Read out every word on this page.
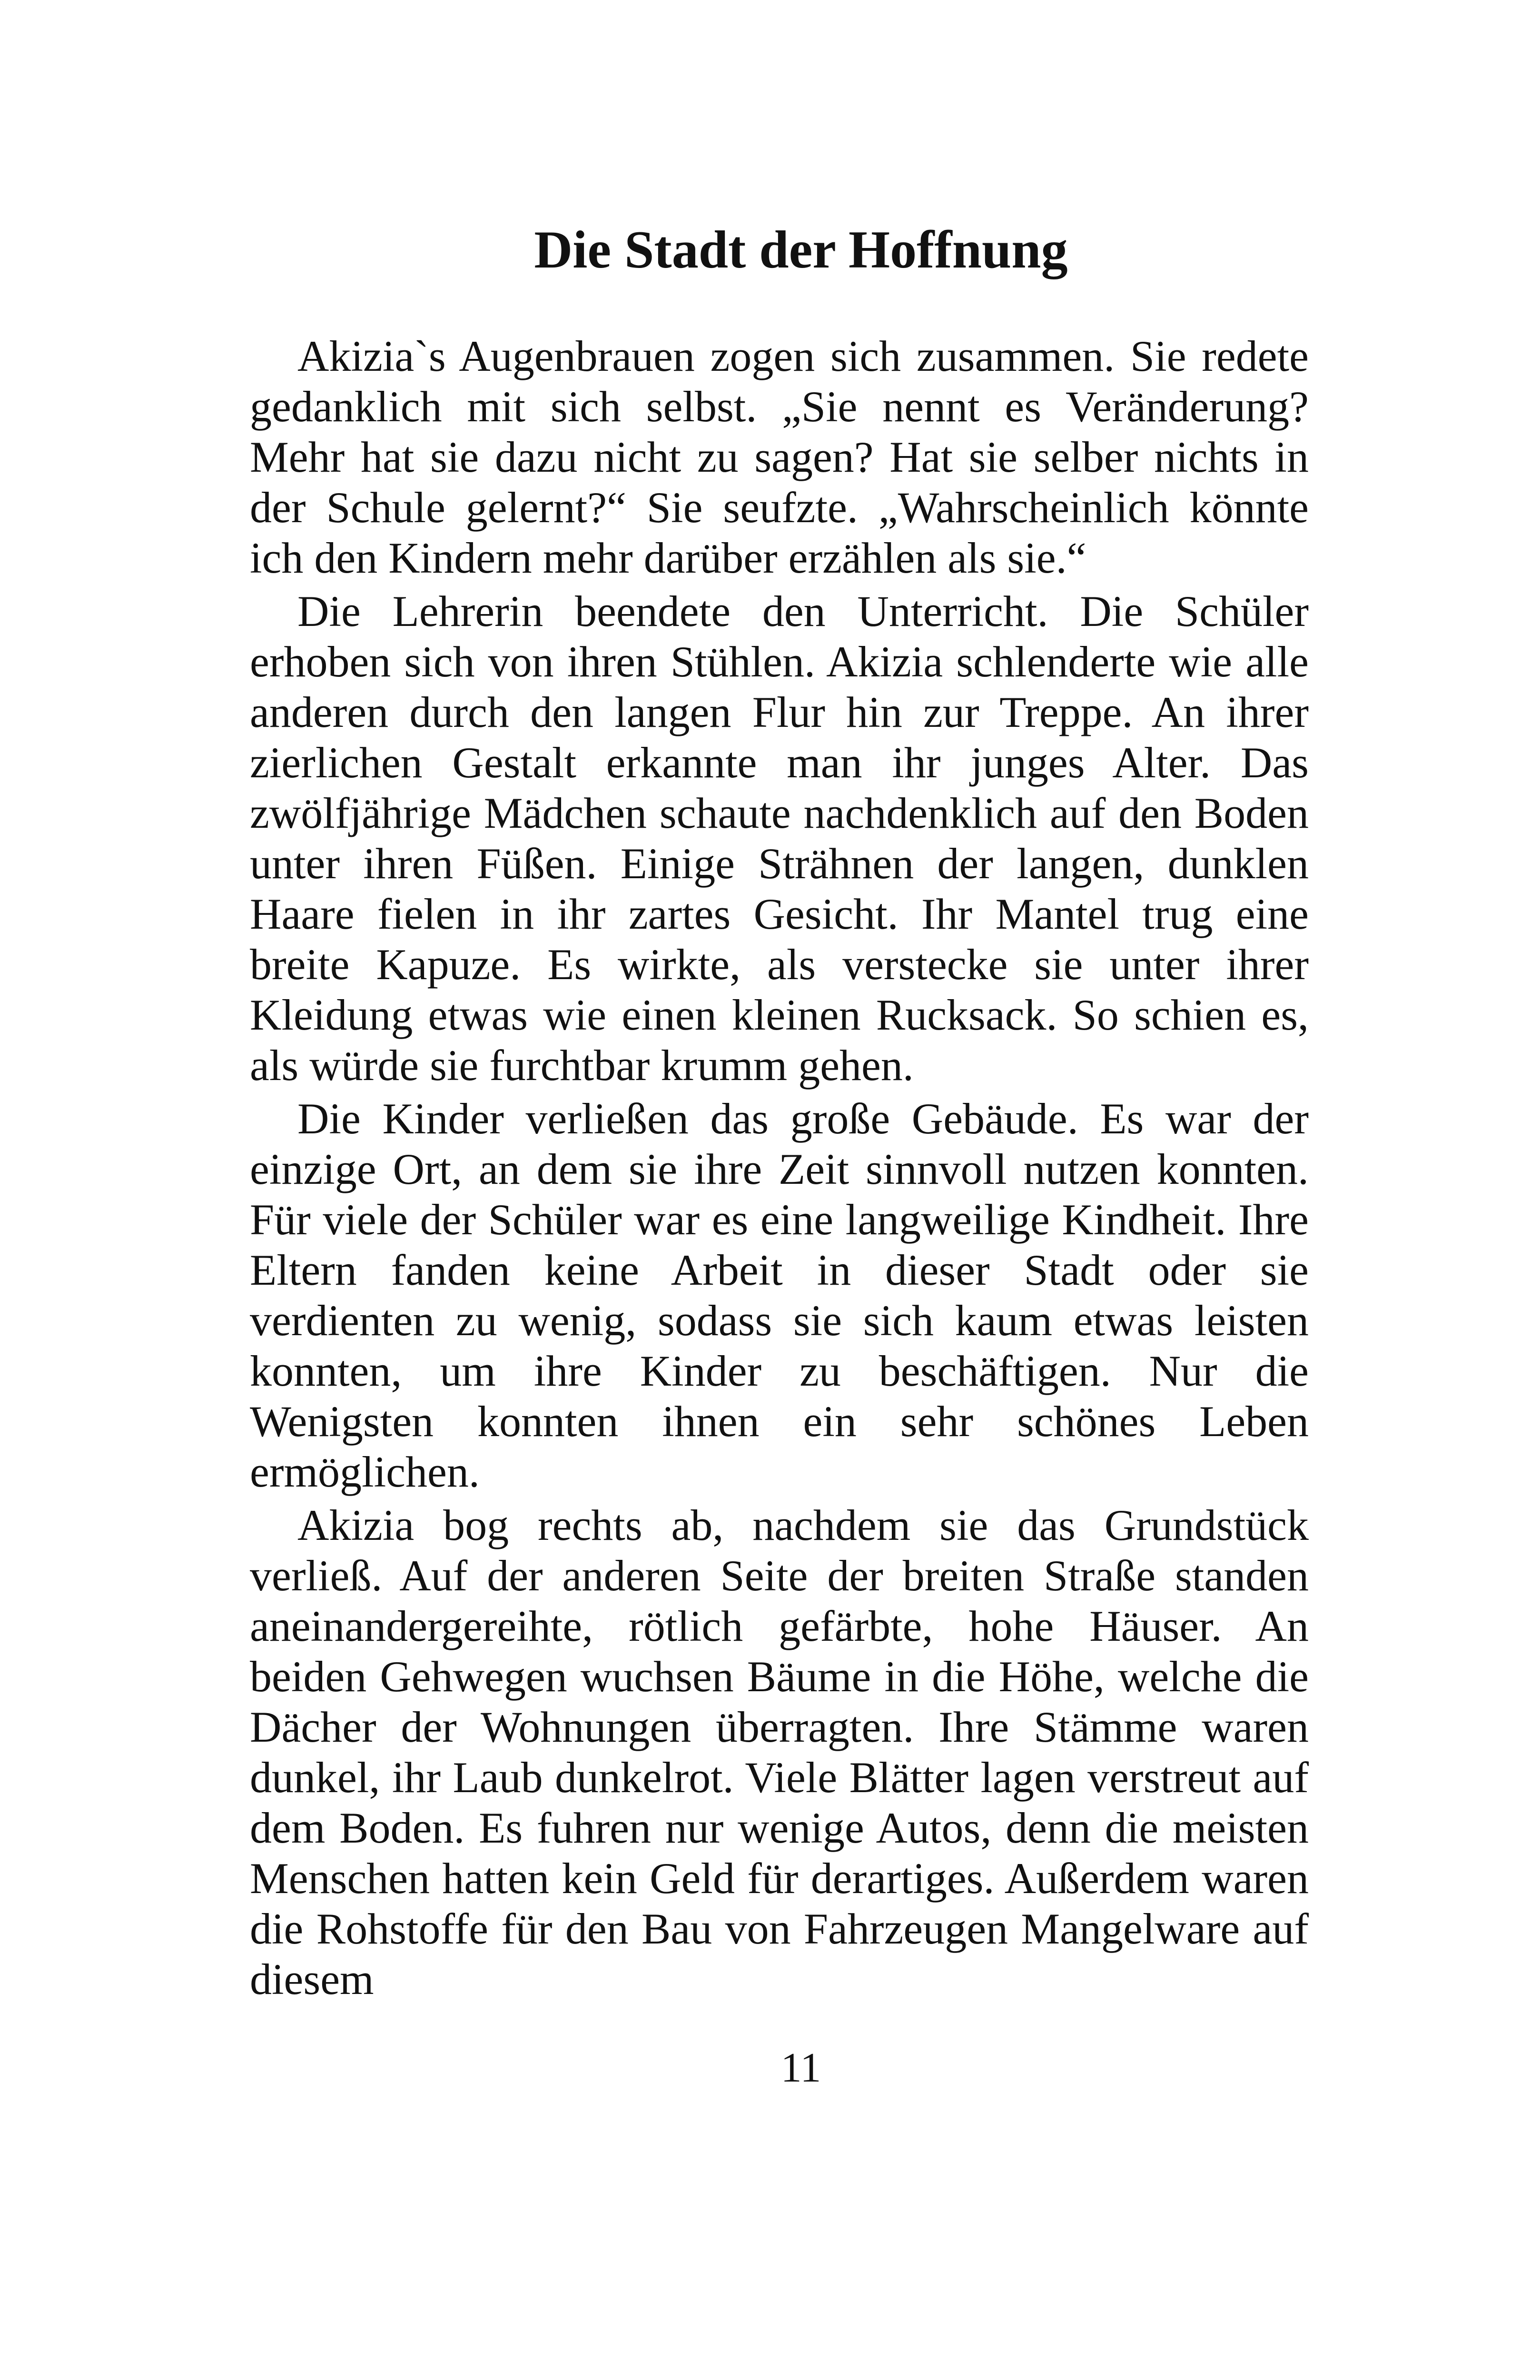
Die Stadt der Hoffnung

Akizia`s Augenbrauen zogen sich zusammen. Sie redete gedanklich mit sich selbst. „Sie nennt es Veränderung? Mehr hat sie dazu nicht zu sagen? Hat sie selber nichts in der Schule gelernt?“ Sie seufzte. „Wahrscheinlich könnte ich den Kindern mehr darüber erzählen als sie.“

Die Lehrerin beendete den Unterricht. Die Schüler erhoben sich von ihren Stühlen. Akizia schlenderte wie alle anderen durch den langen Flur hin zur Treppe. An ihrer zierlichen Gestalt erkannte man ihr junges Alter. Das zwölfjährige Mädchen schaute nachdenklich auf den Boden unter ihren Füßen. Einige Strähnen der langen, dunklen Haare fielen in ihr zartes Gesicht. Ihr Mantel trug eine breite Kapuze. Es wirkte, als verstecke sie unter ihrer Kleidung etwas wie einen kleinen Rucksack. So schien es, als würde sie furchtbar krumm gehen.

Die Kinder verließen das große Gebäude. Es war der einzige Ort, an dem sie ihre Zeit sinnvoll nutzen konnten. Für viele der Schüler war es eine langweilige Kindheit. Ihre Eltern fanden keine Arbeit in dieser Stadt oder sie verdienten zu wenig, sodass sie sich kaum etwas leisten konnten, um ihre Kinder zu beschäftigen. Nur die Wenigsten konnten ihnen ein sehr schönes Leben ermöglichen.

Akizia bog rechts ab, nachdem sie das Grundstück verließ. Auf der anderen Seite der breiten Straße standen aneinandergereihte, rötlich gefärbte, hohe Häuser. An beiden Gehwegen wuchsen Bäume in die Höhe, welche die Dächer der Wohnungen überragten. Ihre Stämme waren dunkel, ihr Laub dunkelrot. Viele Blätter lagen verstreut auf dem Boden. Es fuhren nur wenige Autos, denn die meisten Menschen hatten kein Geld für derartiges. Außerdem waren die Rohstoffe für den Bau von Fahrzeugen Mangelware auf diesem

11
